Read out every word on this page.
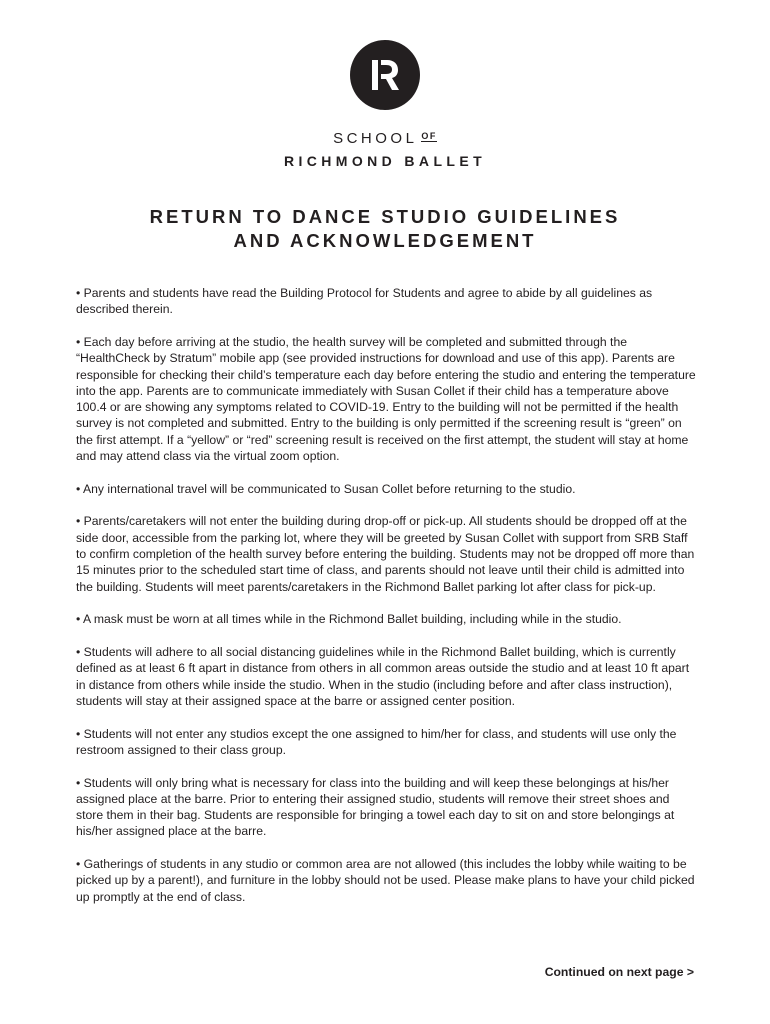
SCHOOL OF
RICHMOND BALLET
RETURN TO DANCE STUDIO GUIDELINES
AND ACKNOWLEDGEMENT

• Parents and students have read the Building Protocol for Students and agree to abide by all guidelines as described therein.

• Each day before arriving at the studio, the health survey will be completed and submitted through the “HealthCheck by Stratum” mobile app (see provided instructions for download and use of this app). Parents are responsible for checking their child’s temperature each day before entering the studio and entering the temperature into the app. Parents are to communicate immediately with Susan Collet if their child has a temperature above 100.4 or are showing any symptoms related to COVID-19. Entry to the building will not be permitted if the health survey is not completed and submitted. Entry to the building is only permitted if the screening result is “green” on the first attempt. If a “yellow” or “red” screening result is received on the first attempt, the student will stay at home and may attend class via the virtual zoom option.

• Any international travel will be communicated to Susan Collet before returning to the studio.

• Parents/caretakers will not enter the building during drop-off or pick-up. All students should be dropped off at the side door, accessible from the parking lot, where they will be greeted by Susan Collet with support from SRB Staff to confirm completion of the health survey before entering the building. Students may not be dropped off more than 15 minutes prior to the scheduled start time of class, and parents should not leave until their child is admitted into the building. Students will meet parents/caretakers in the Richmond Ballet parking lot after class for pick-up.

• A mask must be worn at all times while in the Richmond Ballet building, including while in the studio.

• Students will adhere to all social distancing guidelines while in the Richmond Ballet building, which is currently defined as at least 6 ft apart in distance from others in all common areas outside the studio and at least 10 ft apart in distance from others while inside the studio. When in the studio (including before and after class instruction), students will stay at their assigned space at the barre or assigned center position.

• Students will not enter any studios except the one assigned to him/her for class, and students will use only the restroom assigned to their class group.

• Students will only bring what is necessary for class into the building and will keep these belongings at his/her assigned place at the barre. Prior to entering their assigned studio, students will remove their street shoes and store them in their bag. Students are responsible for bringing a towel each day to sit on and store belongings at his/her assigned place at the barre.

• Gatherings of students in any studio or common area are not allowed (this includes the lobby while waiting to be picked up by a parent!), and furniture in the lobby should not be used. Please make plans to have your child picked up promptly at the end of class.

Continued on next page >
